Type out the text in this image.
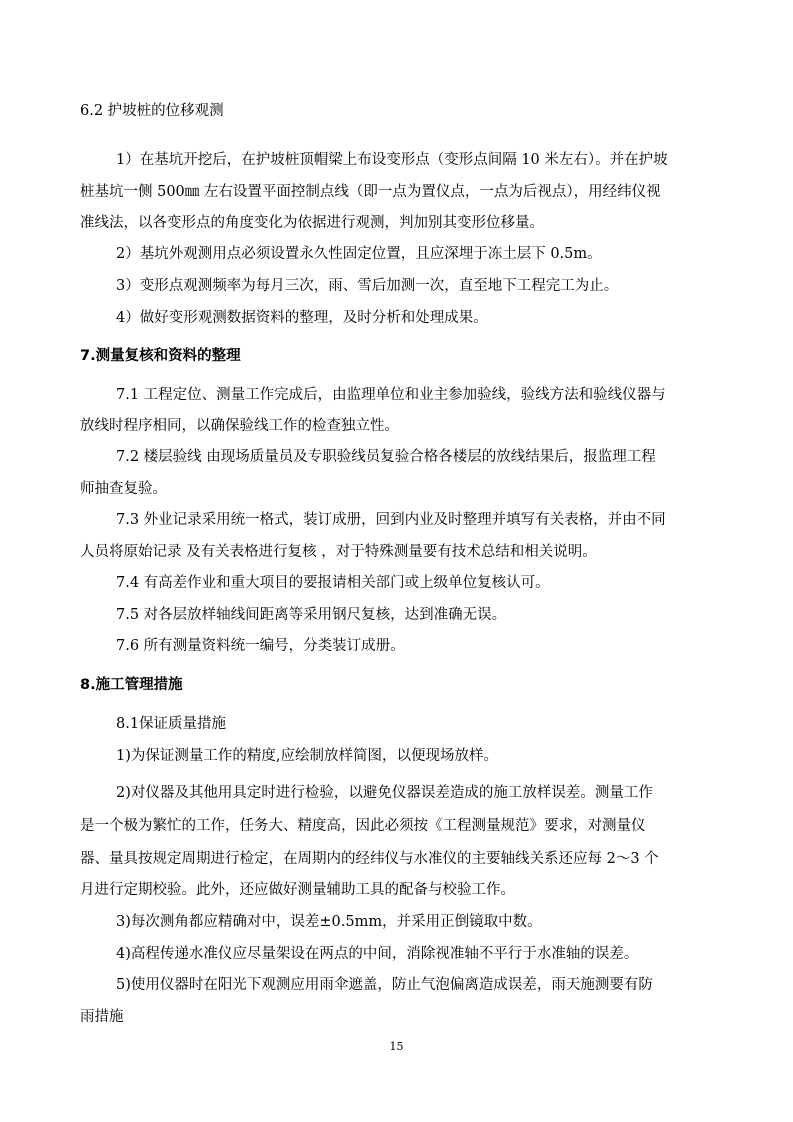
6.2 护坡桩的位移观测
1）在基坑开挖后，在护坡桩顶帽梁上布设变形点（变形点间隔 10 米左右）。并在护坡
桩基坑一侧 500㎜ 左右设置平面控制点线（即一点为置仪点，一点为后视点），用经纬仪视
准线法，以各变形点的角度变化为依据进行观测，判加别其变形位移量。
2）基坑外观测用点必须设置永久性固定位置，且应深埋于冻土层下 0.5m。
3）变形点观测频率为每月三次，雨、雪后加测一次，直至地下工程完工为止。
4）做好变形观测数据资料的整理，及时分析和处理成果。
7.测量复核和资料的整理
7.1 工程定位、测量工作完成后，由监理单位和业主参加验线，验线方法和验线仪器与
放线时程序相同，以确保验线工作的检查独立性。
7.2 楼层验线 由现场质量员及专职验线员复验合格各楼层的放线结果后，报监理工程
师抽查复验。
7.3 外业记录采用统一格式，装订成册，回到内业及时整理并填写有关表格，并由不同
人员将原始记录 及有关表格进行复核 ，对于特殊测量要有技术总结和相关说明。
7.4 有高差作业和重大项目的要报请相关部门或上级单位复核认可。
7.5 对各层放样轴线间距离等采用钢尺复核，达到准确无误。
7.6 所有测量资料统一编号，分类装订成册。
8.施工管理措施
8.1保证质量措施
1)为保证测量工作的精度,应绘制放样简图，以便现场放样。
2)对仪器及其他用具定时进行检验，以避免仪器误差造成的施工放样误差。测量工作
是一个极为繁忙的工作，任务大、精度高，因此必须按《工程测量规范》要求，对测量仪
器、量具按规定周期进行检定，在周期内的经纬仪与水准仪的主要轴线关系还应每 2～3 个
月进行定期校验。此外，还应做好测量辅助工具的配备与校验工作。
3)每次测角都应精确对中，误差±0.5mm，并采用正倒镜取中数。
4)高程传递水准仪应尽量架设在两点的中间，消除视准轴不平行于水准轴的误差。
5)使用仪器时在阳光下观测应用雨伞遮盖，防止气泡偏离造成误差，雨天施测要有防
雨措施
15
